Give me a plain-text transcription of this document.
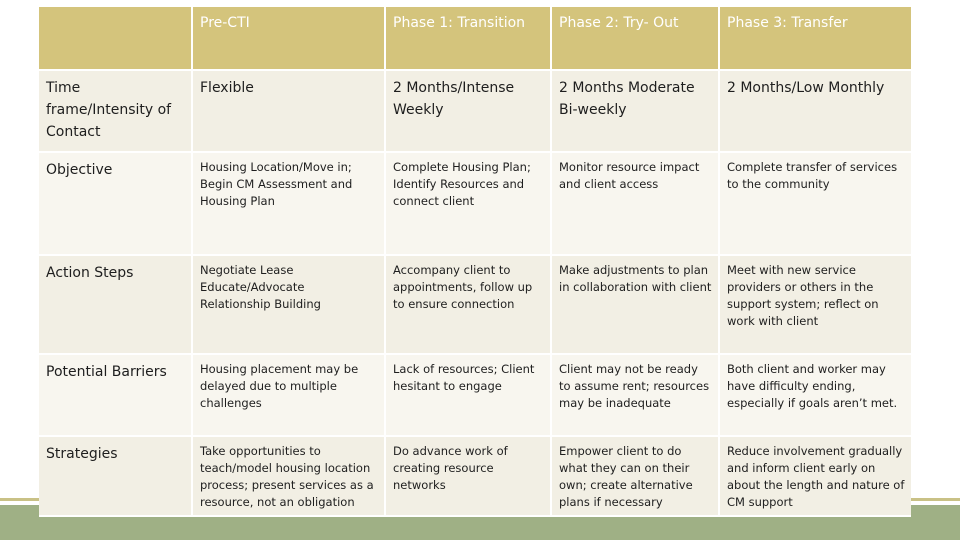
	Pre-CTI	Phase 1: Transition	Phase 2: Try- Out	Phase 3: Transfer
Time frame/Intensity of Contact	Flexible	2 Months/Intense Weekly	2 Months Moderate Bi-weekly	2 Months/Low Monthly
Objective	Housing Location/Move in; Begin CM Assessment and Housing Plan	Complete Housing Plan; Identify Resources and connect client	Monitor resource impact and client access	Complete transfer of services to the community
Action Steps	Negotiate Lease Educate/Advocate Relationship Building	Accompany client to appointments, follow up to ensure connection	Make adjustments to plan in collaboration with client	Meet with new service providers or others in the support system; reflect on work with client
Potential Barriers	Housing placement may be delayed due to multiple challenges	Lack of resources; Client hesitant to engage	Client may not be ready to assume rent; resources may be inadequate	Both client and worker may have difficulty ending, especially if goals aren’t met.
Strategies	Take opportunities to teach/model housing location process; present services as a resource, not an obligation	Do advance work of creating resource networks	Empower client to do what they can on their own; create alternative plans if necessary	Reduce involvement gradually and inform client early on about the length and nature of CM support
